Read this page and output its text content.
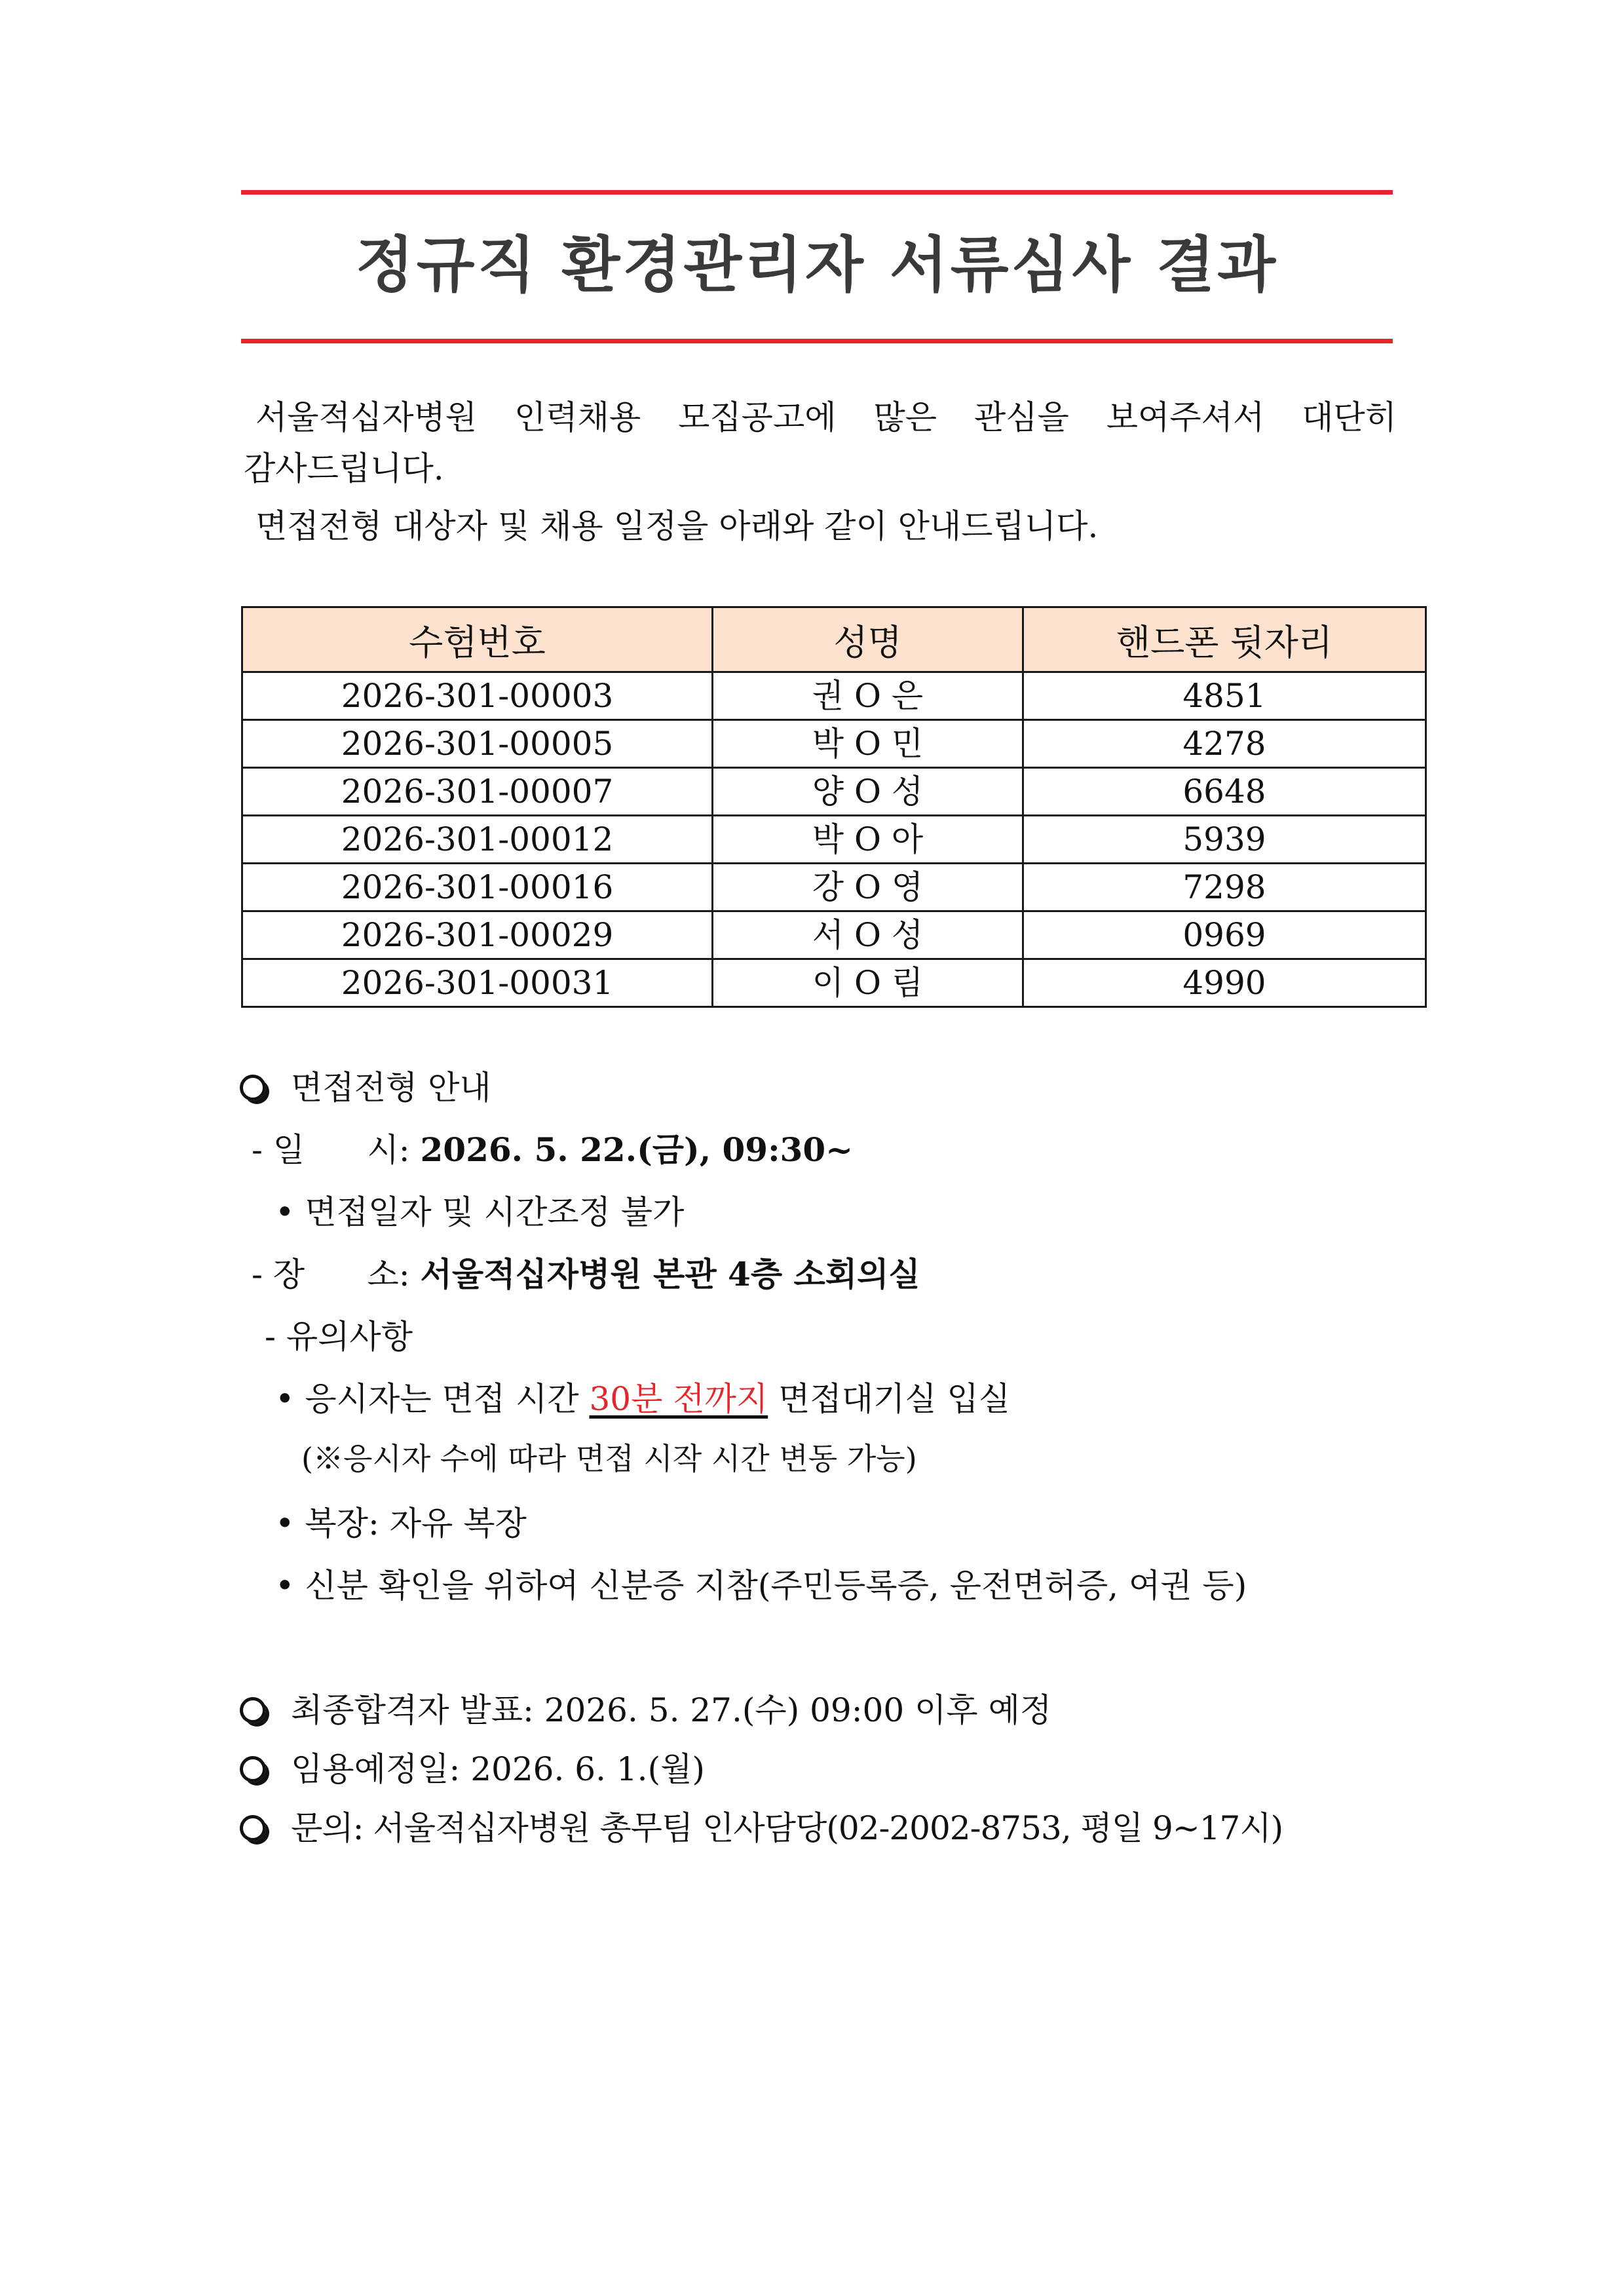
정규직 환경관리자 서류심사 결과
서울적십자병원 인력채용 모집공고에 많은 관심을 보여주셔서 대단히
감사드립니다.
면접전형 대상자 및 채용 일정을 아래와 같이 안내드립니다.
수험번호	성명	핸드폰 뒷자리
2026-301-00003	권 O 은	4851
2026-301-00005	박 O 민	4278
2026-301-00007	양 O 성	6648
2026-301-00012	박 O 아	5939
2026-301-00016	강 O 영	7298
2026-301-00029	서 O 성	0969
2026-301-00031	이 O 림	4990
면접전형 안내
- 일      시: 2026. 5. 22.(금), 09:30~
• 면접일자 및 시간조정 불가
- 장      소: 서울적십자병원 본관 4층 소회의실
- 유의사항
• 응시자는 면접 시간 30분 전까지 면접대기실 입실
(※응시자 수에 따라 면접 시작 시간 변동 가능)
• 복장: 자유 복장
• 신분 확인을 위하여 신분증 지참(주민등록증, 운전면허증, 여권 등)
최종합격자 발표: 2026. 5. 27.(수) 09:00 이후 예정
임용예정일: 2026. 6. 1.(월)
문의: 서울적십자병원 총무팀 인사담당(02-2002-8753, 평일 9~17시)
